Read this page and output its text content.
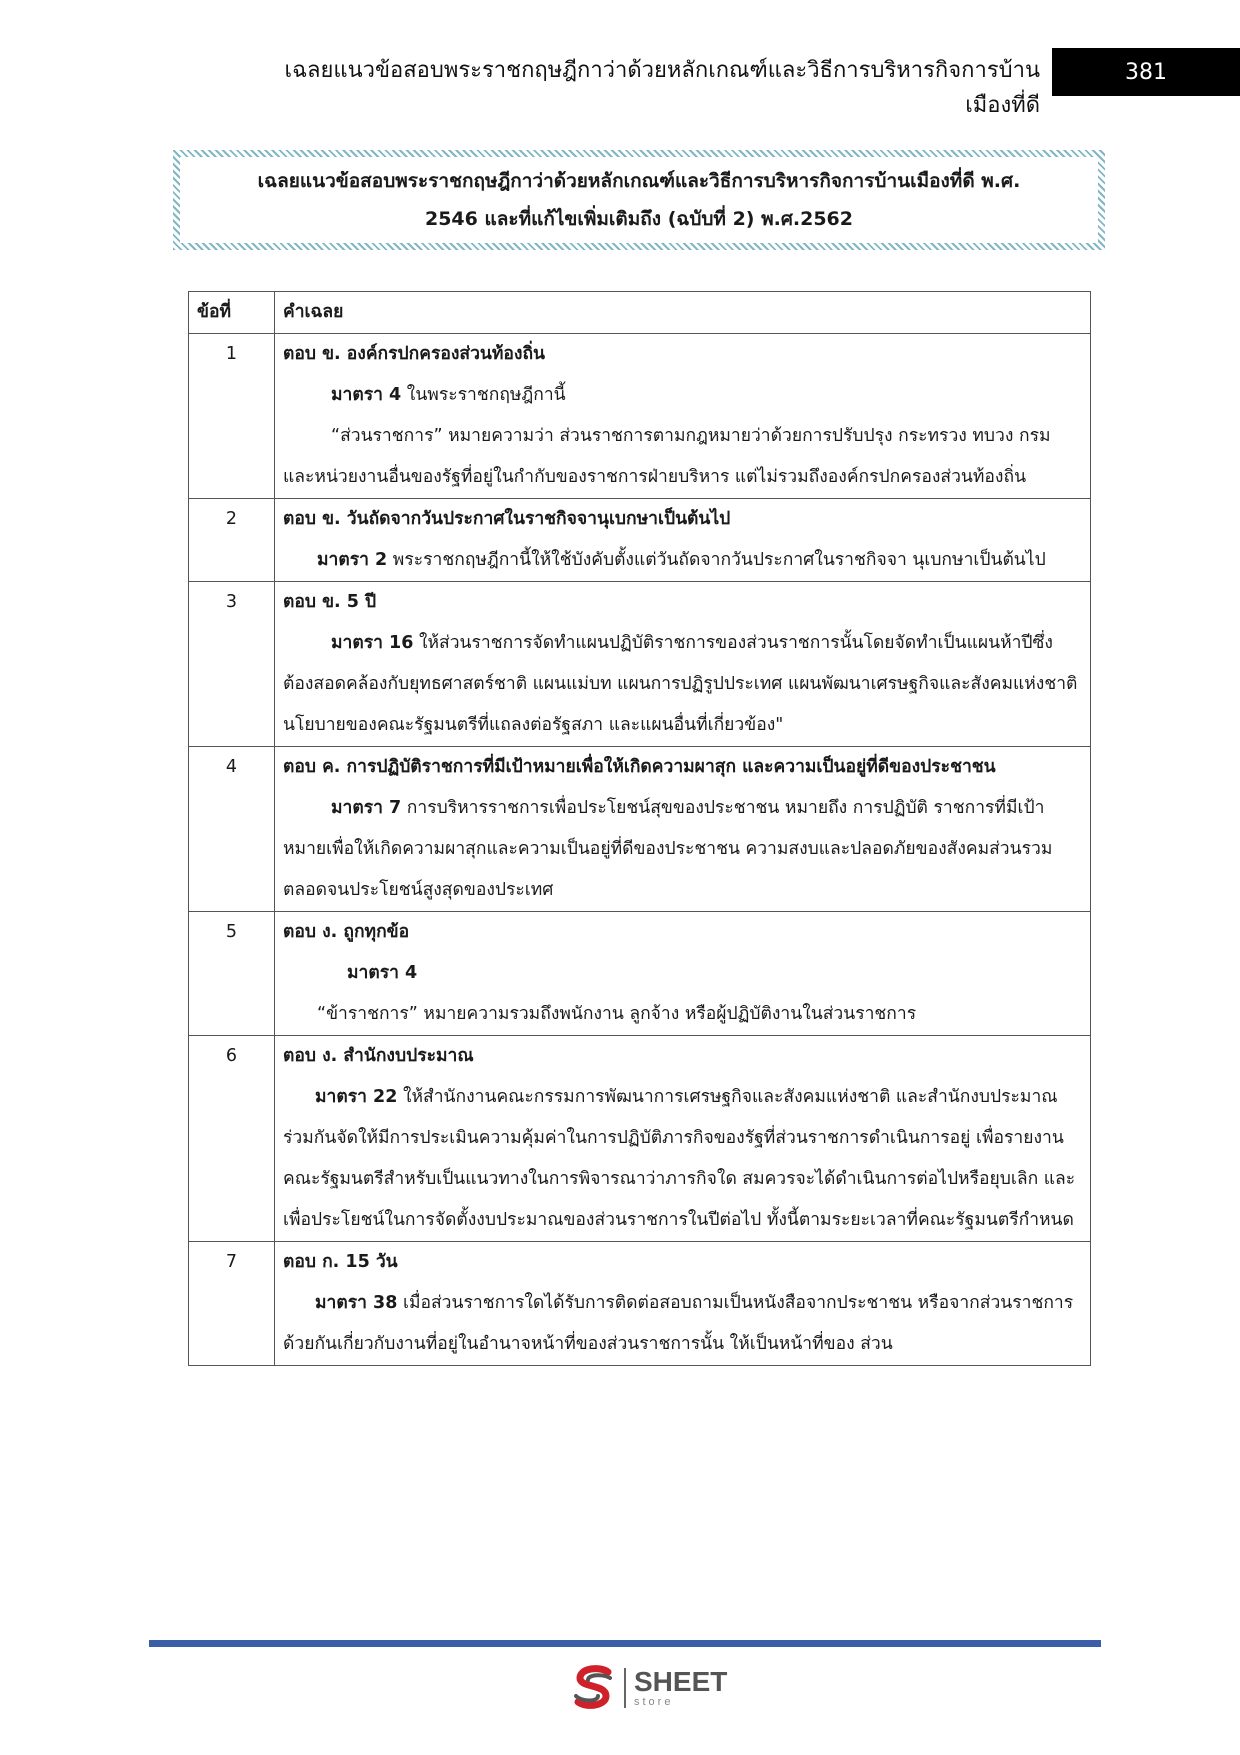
เฉลยแนวข้อสอบพระราชกฤษฎีกาว่าด้วยหลักเกณฑ์และวิธีการบริหารกิจการบ้านเมืองที่ดี
381
เฉลยแนวข้อสอบพระราชกฤษฎีกาว่าด้วยหลักเกณฑ์และวิธีการบริหารกิจการบ้านเมืองที่ดี พ.ศ.
2546 และที่แก้ไขเพิ่มเติมถึง (ฉบับที่ 2) พ.ศ.2562
ข้อที่	คำเฉลย
1	ตอบ ข. องค์กรปกครองส่วนท้องถิ่น
มาตรา 4 ในพระราชกฤษฎีกานี้
“ส่วนราชการ” หมายความว่า ส่วนราชการตามกฎหมายว่าด้วยการปรับปรุง กระทรวง ทบวง กรม และหน่วยงานอื่นของรัฐที่อยู่ในกำกับของราชการฝ่ายบริหาร แต่ไม่รวมถึงองค์กรปกครองส่วนท้องถิ่น

2	ตอบ ข. วันถัดจากวันประกาศในราชกิจจานุเบกษาเป็นต้นไป
มาตรา 2 พระราชกฤษฎีกานี้ให้ใช้บังคับตั้งแต่วันถัดจากวันประกาศในราชกิจจา นุเบกษาเป็นต้นไป

3	ตอบ ข. 5 ปี
มาตรา 16 ให้ส่วนราชการจัดทำแผนปฏิบัติราชการของส่วนราชการนั้นโดยจัดทำเป็นแผนห้าปีซึ่งต้องสอดคล้องกับยุทธศาสตร์ชาติ แผนแม่บท แผนการปฏิรูปประเทศ แผนพัฒนาเศรษฐกิจและสังคมแห่งชาติ นโยบายของคณะรัฐมนตรีที่แถลงต่อรัฐสภา และแผนอื่นที่เกี่ยวข้อง"

4	ตอบ ค. การปฏิบัติราชการที่มีเป้าหมายเพื่อให้เกิดความผาสุก และความเป็นอยู่ที่ดีของประชาชน
มาตรา 7 การบริหารราชการเพื่อประโยชน์สุขของประชาชน หมายถึง การปฏิบัติ ราชการที่มีเป้าหมายเพื่อให้เกิดความผาสุกและความเป็นอยู่ที่ดีของประชาชน ความสงบและปลอดภัยของสังคมส่วนรวม ตลอดจนประโยชน์สูงสุดของประเทศ

5	ตอบ ง. ถูกทุกข้อ
มาตรา 4
“ข้าราชการ” หมายความรวมถึงพนักงาน ลูกจ้าง หรือผู้ปฏิบัติงานในส่วนราชการ

6	ตอบ ง. สำนักงบประมาณ
มาตรา 22 ให้สำนักงานคณะกรรมการพัฒนาการเศรษฐกิจและสังคมแห่งชาติ และสำนักงบประมาณร่วมกันจัดให้มีการประเมินความคุ้มค่าในการปฏิบัติภารกิจของรัฐที่ส่วนราชการดำเนินการอยู่ เพื่อรายงานคณะรัฐมนตรีสำหรับเป็นแนวทางในการพิจารณาว่าภารกิจใด สมควรจะได้ดำเนินการต่อไปหรือยุบเลิก และเพื่อประโยชน์ในการจัดตั้งงบประมาณของส่วนราชการในปีต่อไป ทั้งนี้ตามระยะเวลาที่คณะรัฐมนตรีกำหนด

7	ตอบ ก. 15 วัน
มาตรา 38 เมื่อส่วนราชการใดได้รับการติดต่อสอบถามเป็นหนังสือจากประชาชน หรือจากส่วนราชการด้วยกันเกี่ยวกับงานที่อยู่ในอำนาจหน้าที่ของส่วนราชการนั้น ให้เป็นหน้าที่ของ ส่วน
SHEET
store
